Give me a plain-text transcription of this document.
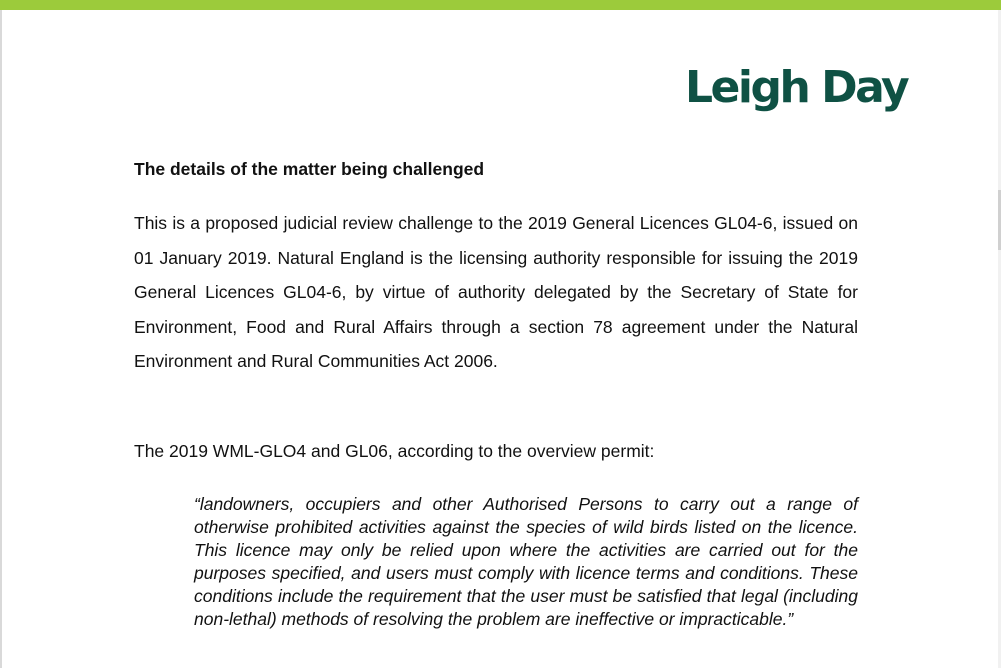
Leigh Day
The details of the matter being challenged

This is a proposed judicial review challenge to the 2019 General Licences GL04-6, issued on 01 January 2019. Natural England is the licensing authority responsible for issuing the 2019 General Licences GL04-6, by virtue of authority delegated by the Secretary of State for Environment, Food and Rural Affairs through a section 78 agreement under the Natural Environment and Rural Communities Act 2006.

The 2019 WML-GLO4 and GL06, according to the overview permit:

“landowners, occupiers and other Authorised Persons to carry out a range of otherwise prohibited activities against the species of wild birds listed on the licence. This licence may only be relied upon where the activities are carried out for the purposes specified, and users must comply with licence terms and conditions. These conditions include the requirement that the user must be satisfied that legal (including non-lethal) methods of resolving the problem are ineffective or impracticable.”
